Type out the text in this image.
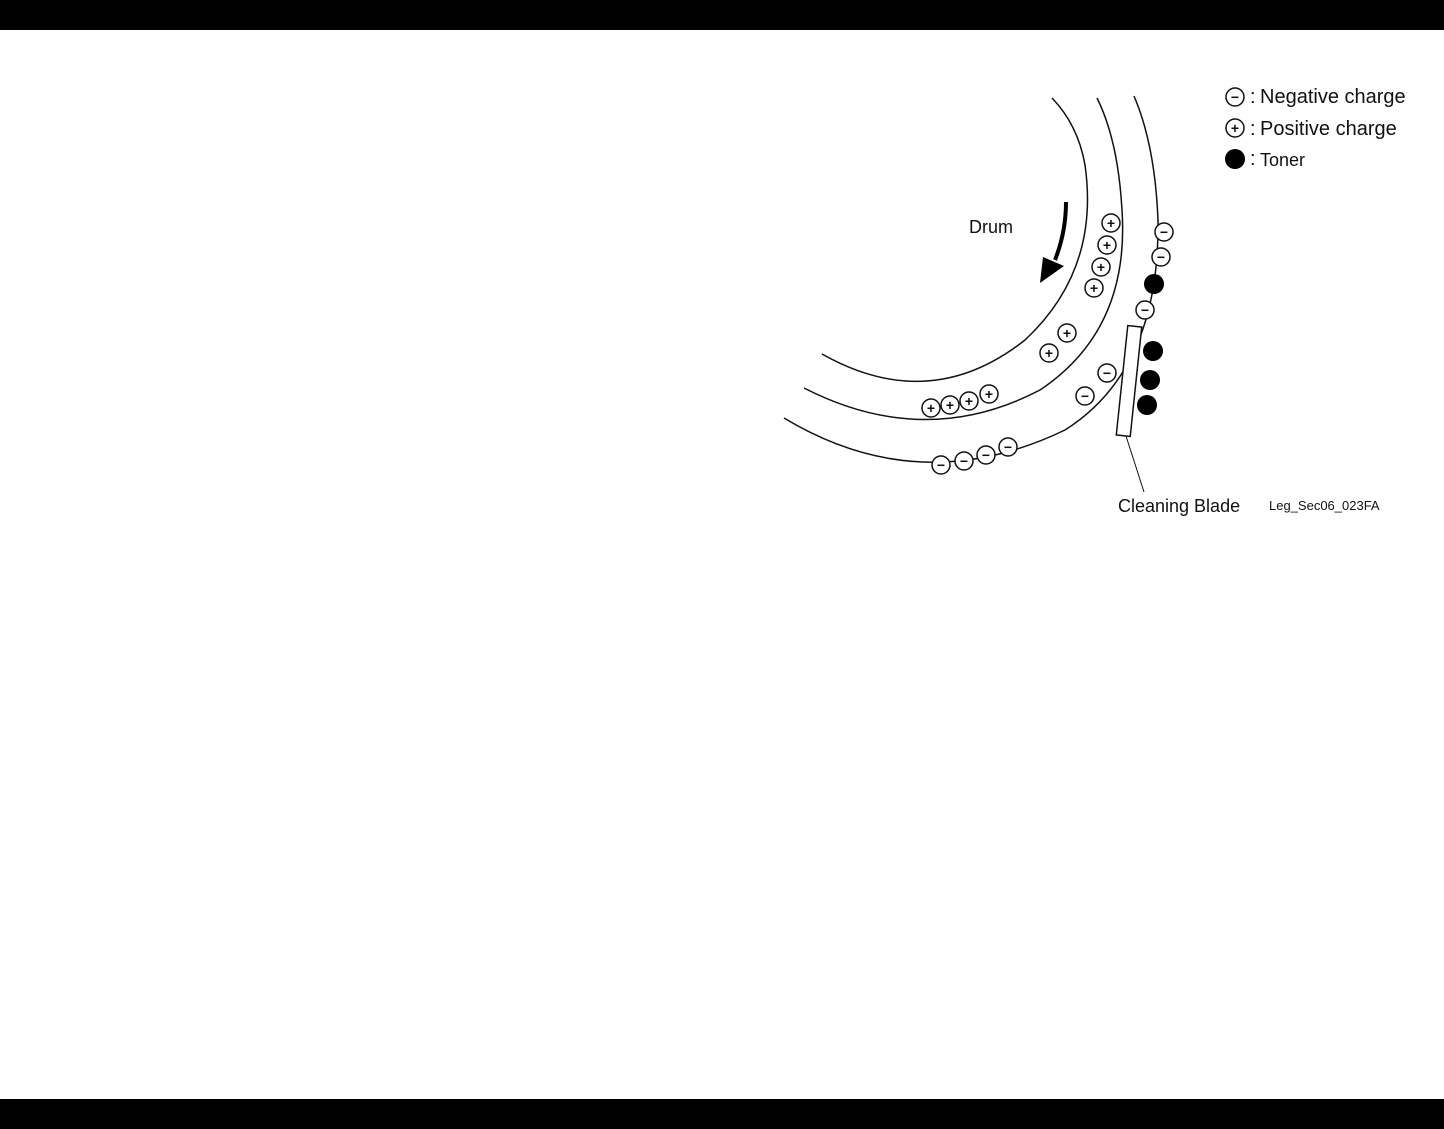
Drum
Cleaning Blade Leg_Sec06_023FA
+
+
+
+
+
+
+
+
+
+
−
−
−
−
−
−
−
−
−
− : Negative charge
+ : Positive charge
: Toner
